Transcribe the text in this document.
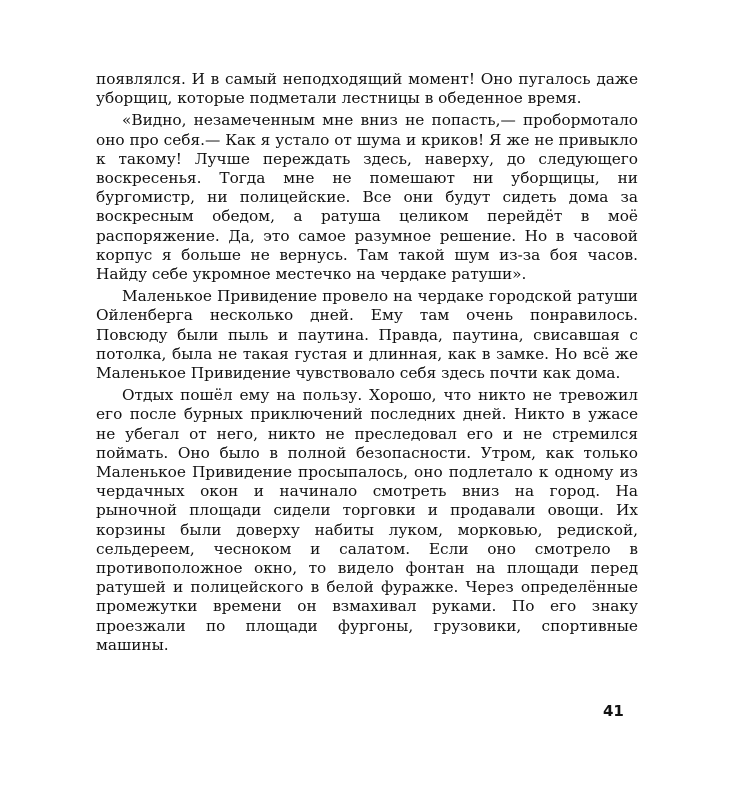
появлялся. И в самый неподходящий момент! Оно пугалось даже уборщиц, которые подметали лестницы в обеденное время.

«Видно, незамеченным мне вниз не попасть,— пробормотало оно про себя.— Как я устало от шума и криков! Я же не привыкло к такому! Лучше переждать здесь, наверху, до следующего воскресенья. Тогда мне не помешают ни уборщицы, ни бургомистр, ни полицейские. Все они будут сидеть дома за воскресным обедом, а ратуша целиком перейдёт в моё распоряжение. Да, это самое разумное решение. Но в часовой корпус я больше не вернусь. Там такой шум из-за боя часов. Найду себе укромное местечко на чердаке ратуши».

Маленькое Привидение провело на чердаке городской ратуши Ойленберга несколько дней. Ему там очень понравилось. Повсюду были пыль и паутина. Правда, паутина, свисавшая с потолка, была не такая густая и длинная, как в замке. Но всё же Маленькое Привидение чувствовало себя здесь почти как дома.

Отдых пошёл ему на пользу. Хорошо, что никто не тревожил его после бурных приключений последних дней. Никто в ужасе не убегал от него, никто не преследовал его и не стремился поймать. Оно было в полной безопасности. Утром, как только Маленькое Привидение просыпалось, оно подлетало к одному из чердачных окон и начинало смотреть вниз на город. На рыночной площади сидели торговки и продавали овощи. Их корзины были доверху набиты луком, морковью, редиской, сельдереем, чесноком и салатом. Если оно смотрело в противоположное окно, то видело фонтан на площади перед ратушей и полицейского в белой фуражке. Через определённые промежутки времени он взмахивал руками. По его знаку проезжали по площади фургоны, грузовики, спортивные машины.

41
